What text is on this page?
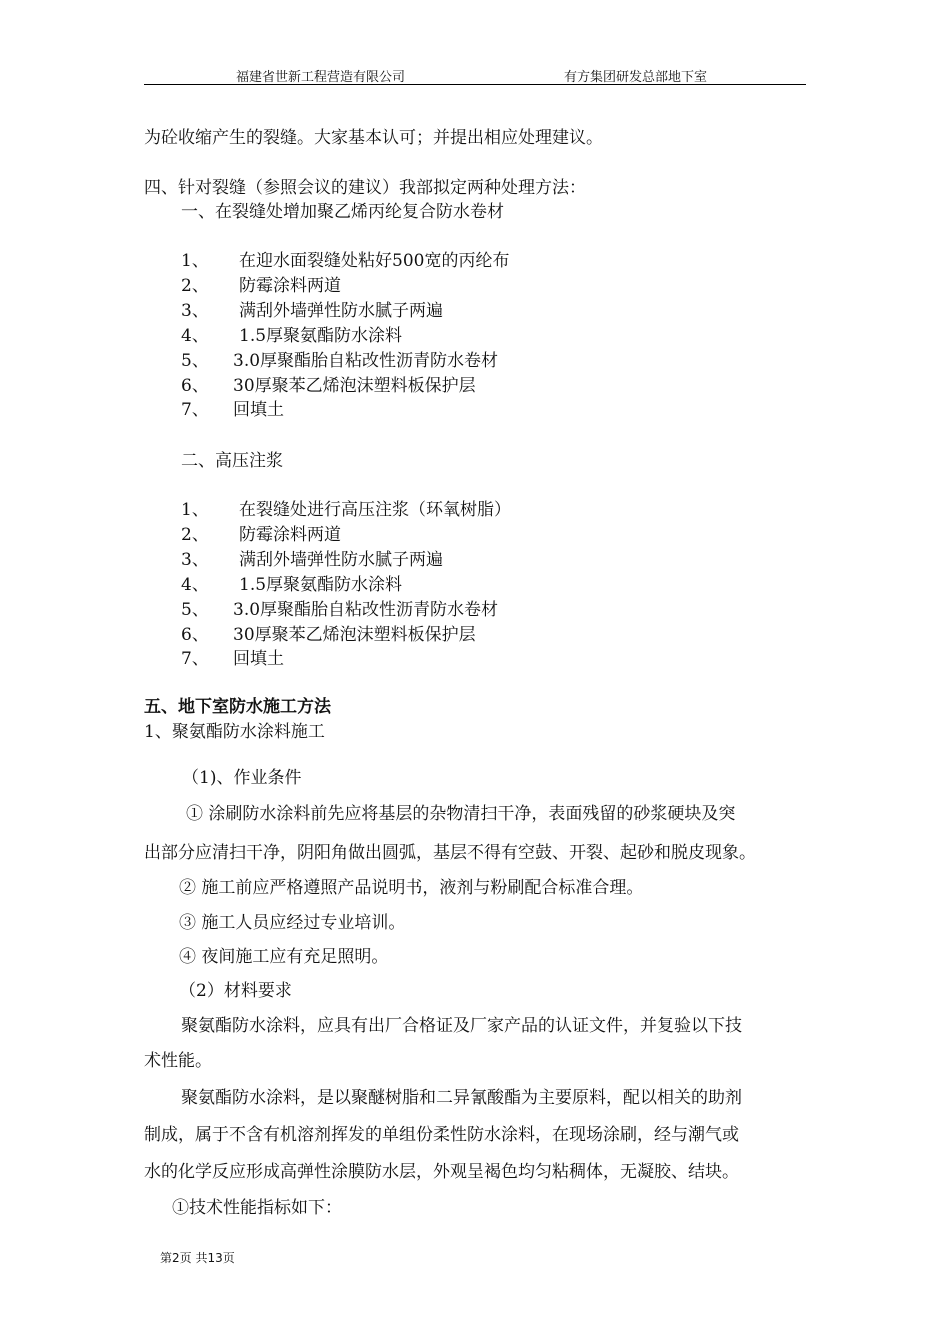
福建省世新工程营造有限公司	有方集团研发总部地下室
为砼收缩产生的裂缝。大家基本认可；并提出相应处理建议。
四、针对裂缝（参照会议的建议）我部拟定两种处理方法：
一、在裂缝处增加聚乙烯丙纶复合防水卷材
1、 在迎水面裂缝处粘好500宽的丙纶布
2、 防霉涂料两道
3、 满刮外墙弹性防水腻子两遍
4、 1.5厚聚氨酯防水涂料
5、 3.0厚聚酯胎自粘改性沥青防水卷材
6、 30厚聚苯乙烯泡沫塑料板保护层
7、 回填土
二、高压注浆
1、 在裂缝处进行高压注浆（环氧树脂）
2、 防霉涂料两道
3、 满刮外墙弹性防水腻子两遍
4、 1.5厚聚氨酯防水涂料
5、 3.0厚聚酯胎自粘改性沥青防水卷材
6、 30厚聚苯乙烯泡沫塑料板保护层
7、 回填土
五、地下室防水施工方法
1、聚氨酯防水涂料施工
（1)、作业条件
① 涂刷防水涂料前先应将基层的杂物清扫干净，表面残留的砂浆硬块及突
出部分应清扫干净，阴阳角做出圆弧，基层不得有空鼓、开裂、起砂和脱皮现象。
② 施工前应严格遵照产品说明书，液剂与粉刷配合标准合理。
③ 施工人员应经过专业培训。
④ 夜间施工应有充足照明。
（2）材料要求
聚氨酯防水涂料，应具有出厂合格证及厂家产品的认证文件，并复验以下技
术性能。
聚氨酯防水涂料，是以聚醚树脂和二异氰酸酯为主要原料，配以相关的助剂
制成，属于不含有机溶剂挥发的单组份柔性防水涂料，在现场涂刷，经与潮气或
水的化学反应形成高弹性涂膜防水层，外观呈褐色均匀粘稠体，无凝胶、结块。
①技术性能指标如下：
第2页 共13页
